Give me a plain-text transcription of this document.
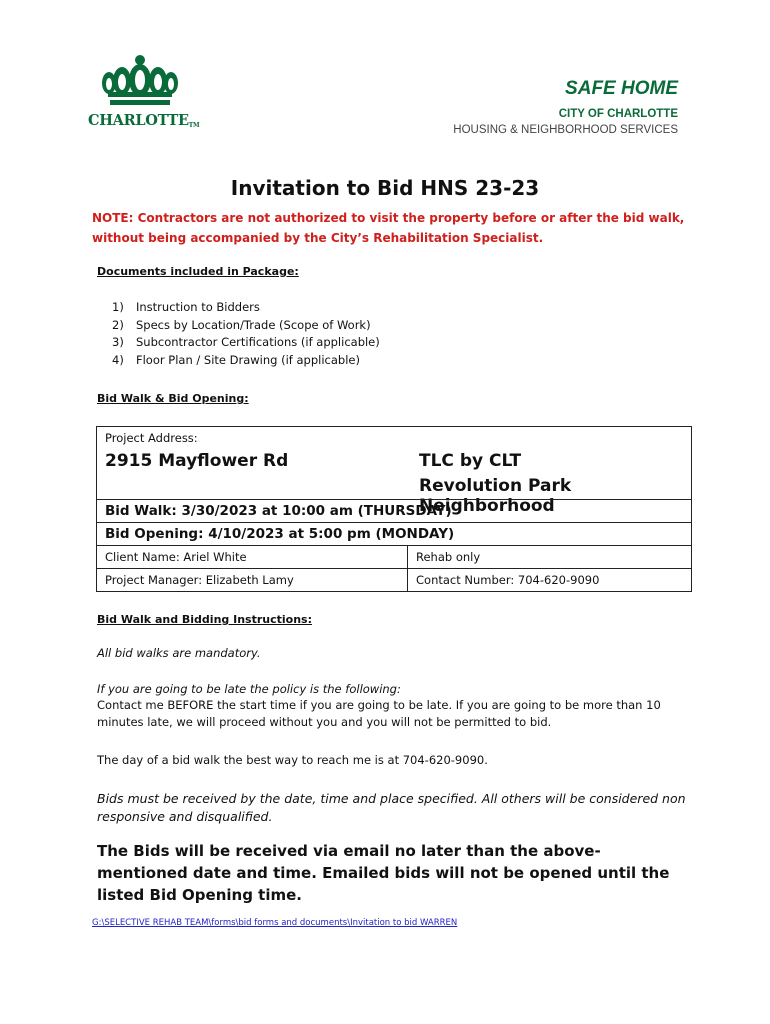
CHARLOTTETM
SAFE HOME
CITY OF CHARLOTTE
HOUSING & NEIGHBORHOOD SERVICES
Invitation to Bid HNS 23-23
NOTE: Contractors are not authorized to visit the property before or after the bid walk, without being accompanied by the City’s Rehabilitation Specialist.
Documents included in Package:
1) Instruction to Bidders
2) Specs by Location/Trade (Scope of Work)
3) Subcontractor Certifications (if applicable)
4) Floor Plan / Site Drawing (if applicable)
Bid Walk & Bid Opening:
Project Address:
2915 Mayflower Rd	TLC by CLT
Revolution Park Neighborhood
Bid Walk: 3/30/2023 at 10:00 am (THURSDAY)
Bid Opening: 4/10/2023 at 5:00 pm (MONDAY)
Client Name: Ariel White	Rehab only
Project Manager: Elizabeth Lamy	Contact Number: 704-620-9090
Bid Walk and Bidding Instructions:
All bid walks are mandatory.
If you are going to be late the policy is the following:
Contact me BEFORE the start time if you are going to be late. If you are going to be more than 10 minutes late, we will proceed without you and you will not be permitted to bid.
The day of a bid walk the best way to reach me is at 704-620-9090.
Bids must be received by the date, time and place specified. All others will be considered non responsive and disqualified.
The Bids will be received via email no later than the above-mentioned date and time. Emailed bids will not be opened until the listed Bid Opening time.
G:\SELECTIVE REHAB TEAM\forms\bid forms and documents\Invitation to bid WARREN
